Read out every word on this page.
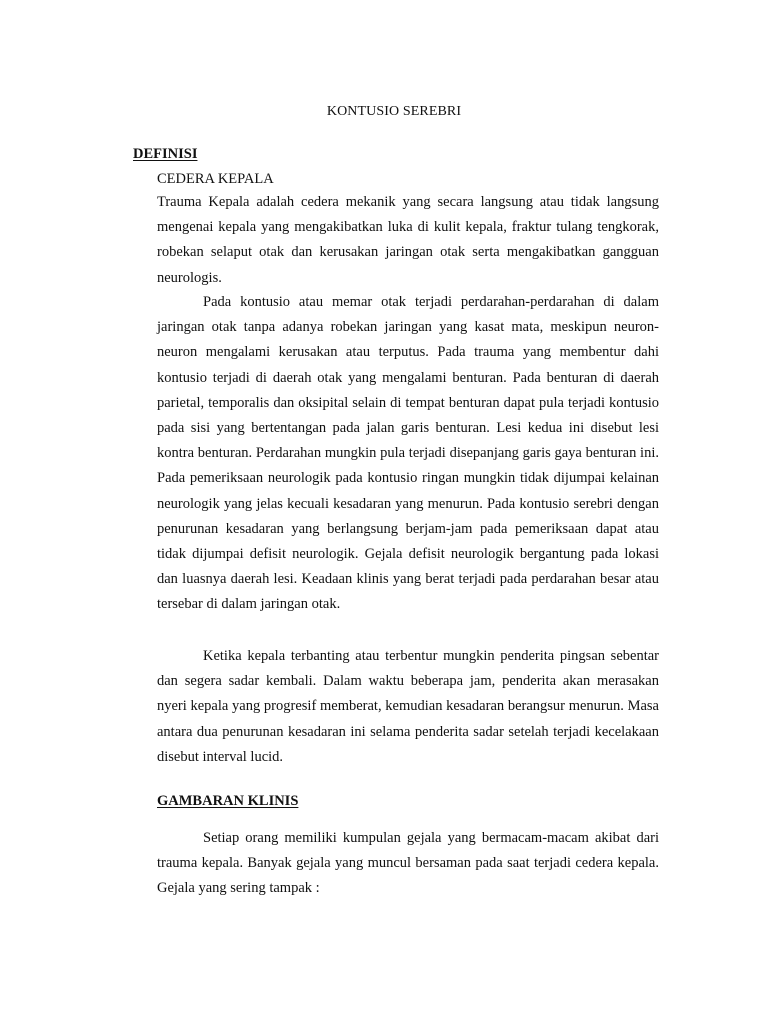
KONTUSIO SEREBRI
DEFINISI
CEDERA KEPALA

Trauma Kepala adalah cedera mekanik yang secara langsung atau tidak langsung mengenai kepala yang mengakibatkan luka di kulit kepala, fraktur tulang tengkorak, robekan selaput otak dan kerusakan jaringan otak serta mengakibatkan gangguan neurologis.

Pada kontusio atau memar otak terjadi perdarahan-perdarahan di dalam jaringan otak tanpa adanya robekan jaringan yang kasat mata, meskipun neuron-neuron mengalami kerusakan atau terputus. Pada trauma yang membentur dahi kontusio terjadi di daerah otak yang mengalami benturan. Pada benturan di daerah parietal, temporalis dan oksipital selain di tempat benturan dapat pula terjadi kontusio pada sisi yang bertentangan pada jalan garis benturan. Lesi kedua ini disebut lesi kontra benturan. Perdarahan mungkin pula terjadi disepanjang garis gaya benturan ini. Pada pemeriksaan neurologik pada kontusio ringan mungkin tidak dijumpai kelainan neurologik yang jelas kecuali kesadaran yang menurun. Pada kontusio serebri dengan penurunan kesadaran yang berlangsung berjam-jam pada pemeriksaan dapat atau tidak dijumpai defisit neurologik. Gejala defisit neurologik bergantung pada lokasi dan luasnya daerah lesi. Keadaan klinis yang berat terjadi pada perdarahan besar atau tersebar di dalam jaringan otak.

Ketika kepala terbanting atau terbentur mungkin penderita pingsan sebentar dan segera sadar kembali. Dalam waktu beberapa jam, penderita akan merasakan nyeri kepala yang progresif memberat, kemudian kesadaran berangsur menurun. Masa antara dua penurunan kesadaran ini selama penderita sadar setelah terjadi kecelakaan disebut interval lucid.

GAMBARAN KLINIS

Setiap orang memiliki kumpulan gejala yang bermacam-macam akibat dari trauma kepala. Banyak gejala yang muncul bersaman pada saat terjadi cedera kepala. Gejala yang sering tampak :
